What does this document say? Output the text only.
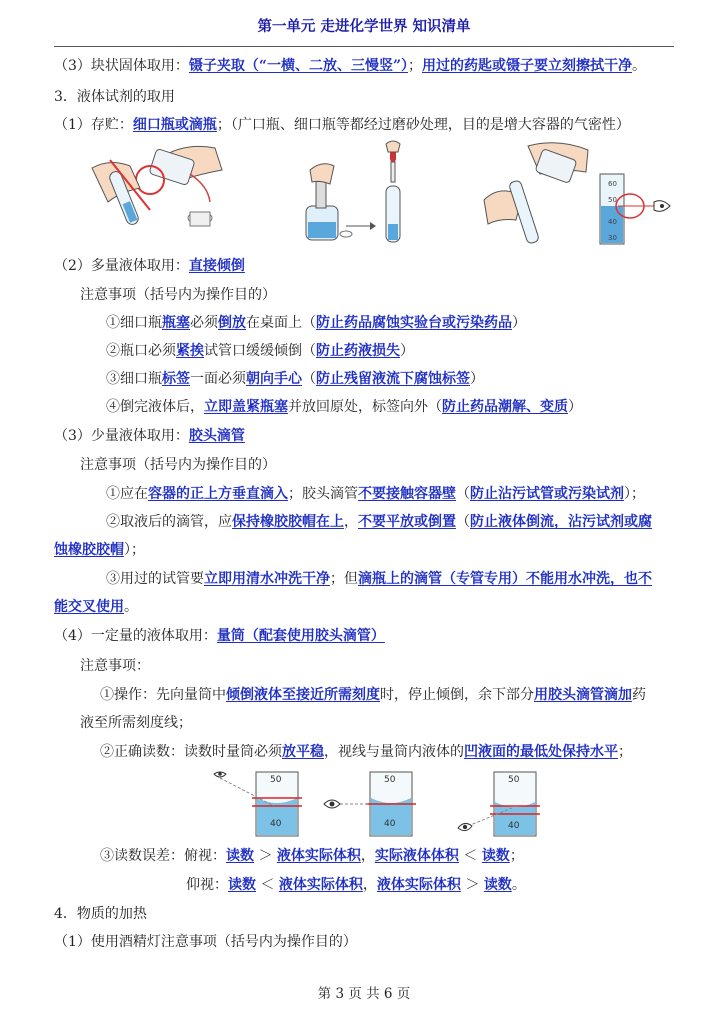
第一单元 走进化学世界 知识清单
（3）块状固体取用：镊子夹取（“一横、二放、三慢竖”）；用过的药匙或镊子要立刻擦拭干净。
3．液体试剂的取用
（1）存贮：细口瓶或滴瓶；（广口瓶、细口瓶等都经过磨砂处理，目的是增大容器的气密性）
60
50
40
30
（2）多量液体取用：直接倾倒
注意事项（括号内为操作目的）
①细口瓶瓶塞必须倒放在桌面上（防止药品腐蚀实验台或污染药品）
②瓶口必须紧挨试管口缓缓倾倒（防止药液损失）
③细口瓶标签一面必须朝向手心（防止残留液流下腐蚀标签）
④倒完液体后，立即盖紧瓶塞并放回原处，标签向外（防止药品潮解、变质）
（3）少量液体取用：胶头滴管
注意事项（括号内为操作目的）
①应在容器的正上方垂直滴入；胶头滴管不要接触容器壁（防止沾污试管或污染试剂）；
②取液后的滴管，应保持橡胶胶帽在上，不要平放或倒置（防止液体倒流，沾污试剂或腐
蚀橡胶胶帽）；
③用过的试管要立即用清水冲洗干净；但滴瓶上的滴管（专管专用）不能用水冲洗，也不
能交叉使用。
（4）一定量的液体取用：量筒（配套使用胶头滴管）
注意事项：
①操作：先向量筒中倾倒液体至接近所需刻度时，停止倾倒，余下部分用胶头滴管滴加药
液至所需刻度线；
②正确读数：读数时量筒必须放平稳，视线与量筒内液体的凹液面的最低处保持水平；
50
40
50
40
50
40
③读数误差：俯视：读数 ＞ 液体实际体积，实际液体体积 ＜ 读数；
仰视：读数 ＜ 液体实际体积，液体实际体积 ＞ 读数。
4．物质的加热
（1）使用酒精灯注意事项（括号内为操作目的）
第 3 页 共 6 页
